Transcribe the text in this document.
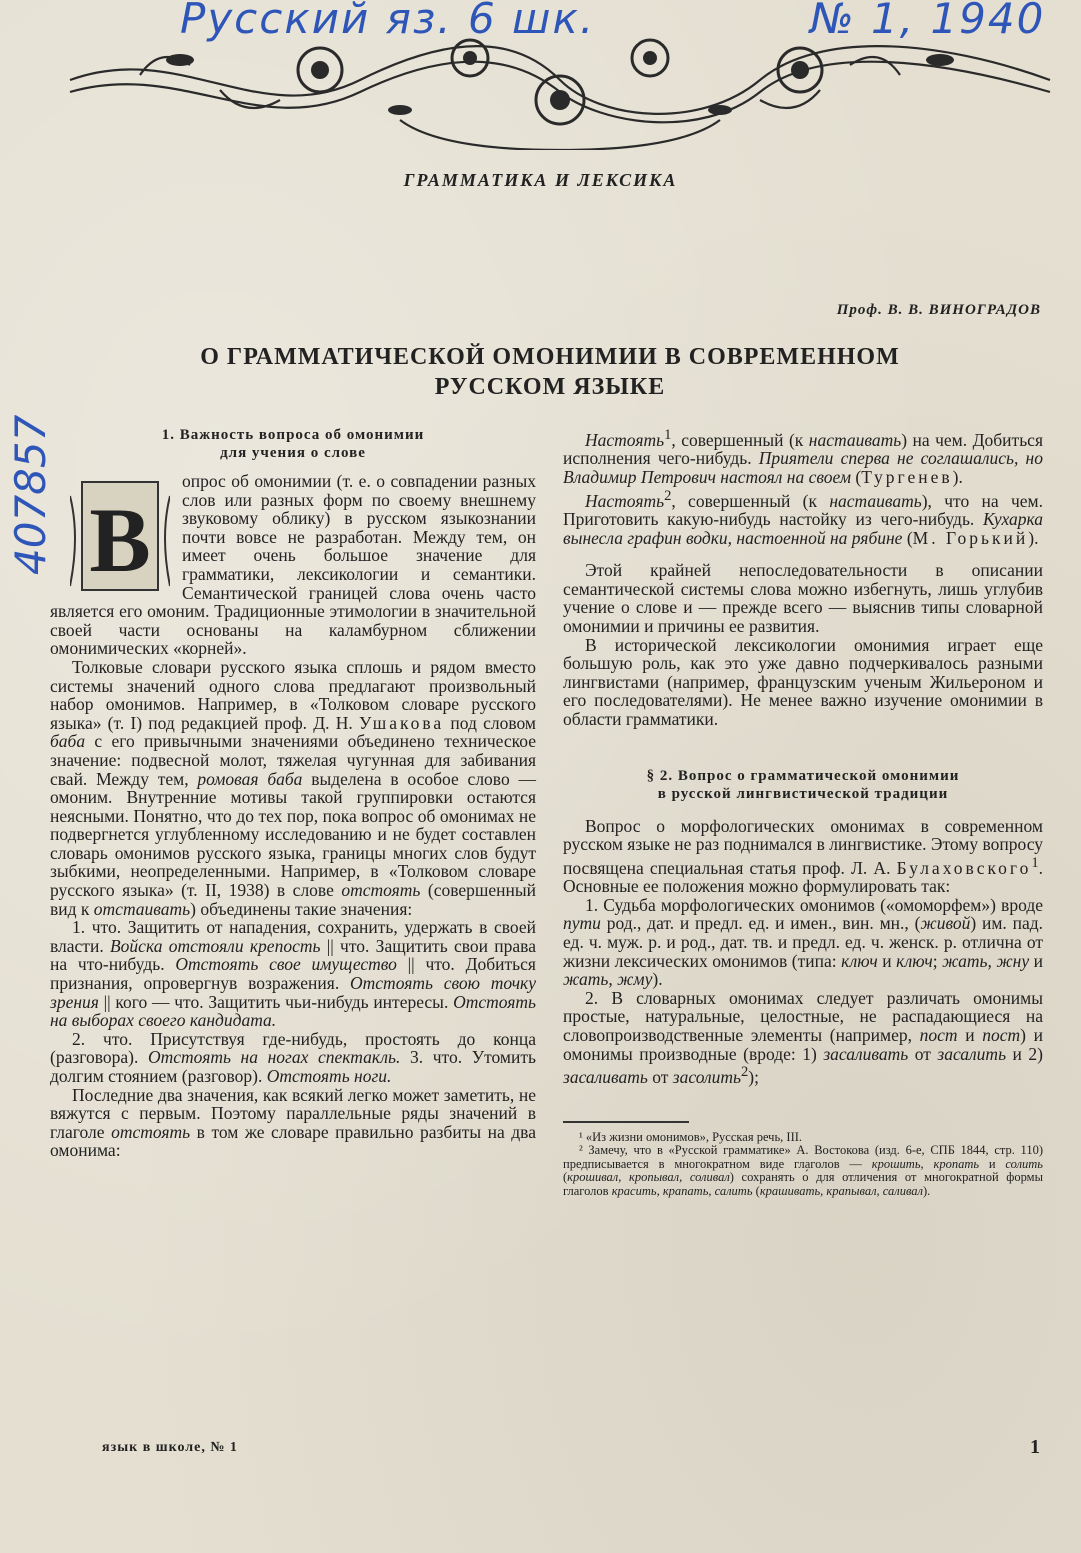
Русский яз. 6 шк.	№ 1, 1940
407857
ГРАММАТИКА И ЛЕКСИКА
Проф. В. В. ВИНОГРАДОВ
О ГРАММАТИЧЕСКОЙ ОМОНИМИИ В СОВРЕМЕННОМ
РУССКОМ ЯЗЫКЕ
1. Важность вопроса об омонимии
для учения о слове
В

опрос об омонимии (т. е. о совпадении разных слов или разных форм по своему внешнему звуковому облику) в русском языкознании почти вовсе не разработан. Между тем, он имеет очень большое значение для грамматики, лексикологии и семантики. Семантической границей слова очень часто является его омоним. Традиционные этимологии в значительной своей части основаны на каламбурном сближении омонимических «корней».

Толковые словари русского языка сплошь и рядом вместо системы значений одного слова предлагают произвольный набор омонимов. Например, в «Толковом словаре русского языка» (т. I) под редакцией проф. Д. Н. Ушакова под словом баба с его привычными значениями объединено техническое значение: подвесной молот, тяжелая чугунная для забивания свай. Между тем, ромовая баба выделена в особое слово — омоним. Внутренние мотивы такой группировки остаются неясными. Понятно, что до тех пор, пока вопрос об омонимах не подвергнется углубленному исследованию и не будет составлен словарь омонимов русского языка, границы многих слов будут зыбкими, неопределенными. Например, в «Толковом словаре русского языка» (т. II, 1938) в слове отстоять (совершенный вид к отстаивать) объединены такие значения:

1. что. Защитить от нападения, сохранить, удержать в своей власти. Войска отстояли крепость || что. Защитить свои права на что-нибудь. Отстоять свое имущество || что. Добиться признания, опровергнув возражения. Отстоять свою точку зрения || кого — что. Защитить чьи-нибудь интересы. Отстоять на выборах своего кандидата.

2. что. Присутствуя где-нибудь, простоять до конца (разговора). Отстоять на ногах спектакль. 3. что. Утомить долгим стоянием (разговор). Отстоять ноги.

Последние два значения, как всякий легко может заметить, не вяжутся с первым. Поэтому параллельные ряды значений в глаголе отстоять в том же словаре правильно разбиты на два омонима:

Настоять$^1$, совершенный (к настаивать) на чем. Добиться исполнения чего-нибудь. Приятели сперва не соглашались, но Владимир Петрович настоял на своем (Тургенев).

Настоять$^2$, совершенный (к настаивать), что на чем. Приготовить какую-нибудь настойку из чего-нибудь. Кухарка вынесла графин водки, настоенной на рябине (М. Горький).

Этой крайней непоследовательности в описании семантической системы слова можно избегнуть, лишь углубив учение о слове и — прежде всего — выяснив типы словарной омонимии и причины ее развития.

В исторической лексикологии омонимия играет еще большую роль, как это уже давно подчеркивалось разными лингвистами (например, французским ученым Жильероном и его последователями). Не менее важно изучение омонимии в области грамматики.

§ 2. Вопрос о грамматической омонимии
в русской лингвистической традиции

Вопрос о морфологических омонимах в современном русском языке не раз поднимался в лингвистике. Этому вопросу посвящена специальная статья проф. Л. А. Булаховского$^1$. Основные ее положения можно формулировать так:

1. Судьба морфологических омонимов («омоморфем») вроде пути род., дат. и предл. ед. и имен., вин. мн., (живой) им. пад. ед. ч. муж. р. и род., дат. тв. и предл. ед. ч. женск. р. отлична от жизни лексических омонимов (типа: ключ и ключ; жать, жну и жать, жму).

2. В словарных омонимах следует различать омонимы простые, натуральные, целостные, не распадающиеся на словопроизводственные элементы (например, пост и пост) и омонимы производные (вроде: 1) засаливать от засалить и 2) засаливать от засолить$^2$);

¹ «Из жизни омонимов», Русская речь, III.

² Замечу, что в «Русской грамматике» А. Востокова (изд. 6-е, СПБ 1844, стр. 110) предписывается в многократном виде глаголов — крошить, кропать и солить (крошивал, кропывал, соливал) сохранять о́ для отличения от многократной формы глаголов красить, крапать, салить (крашивать, крапывал, саливал).

язык в школе, № 1	1
